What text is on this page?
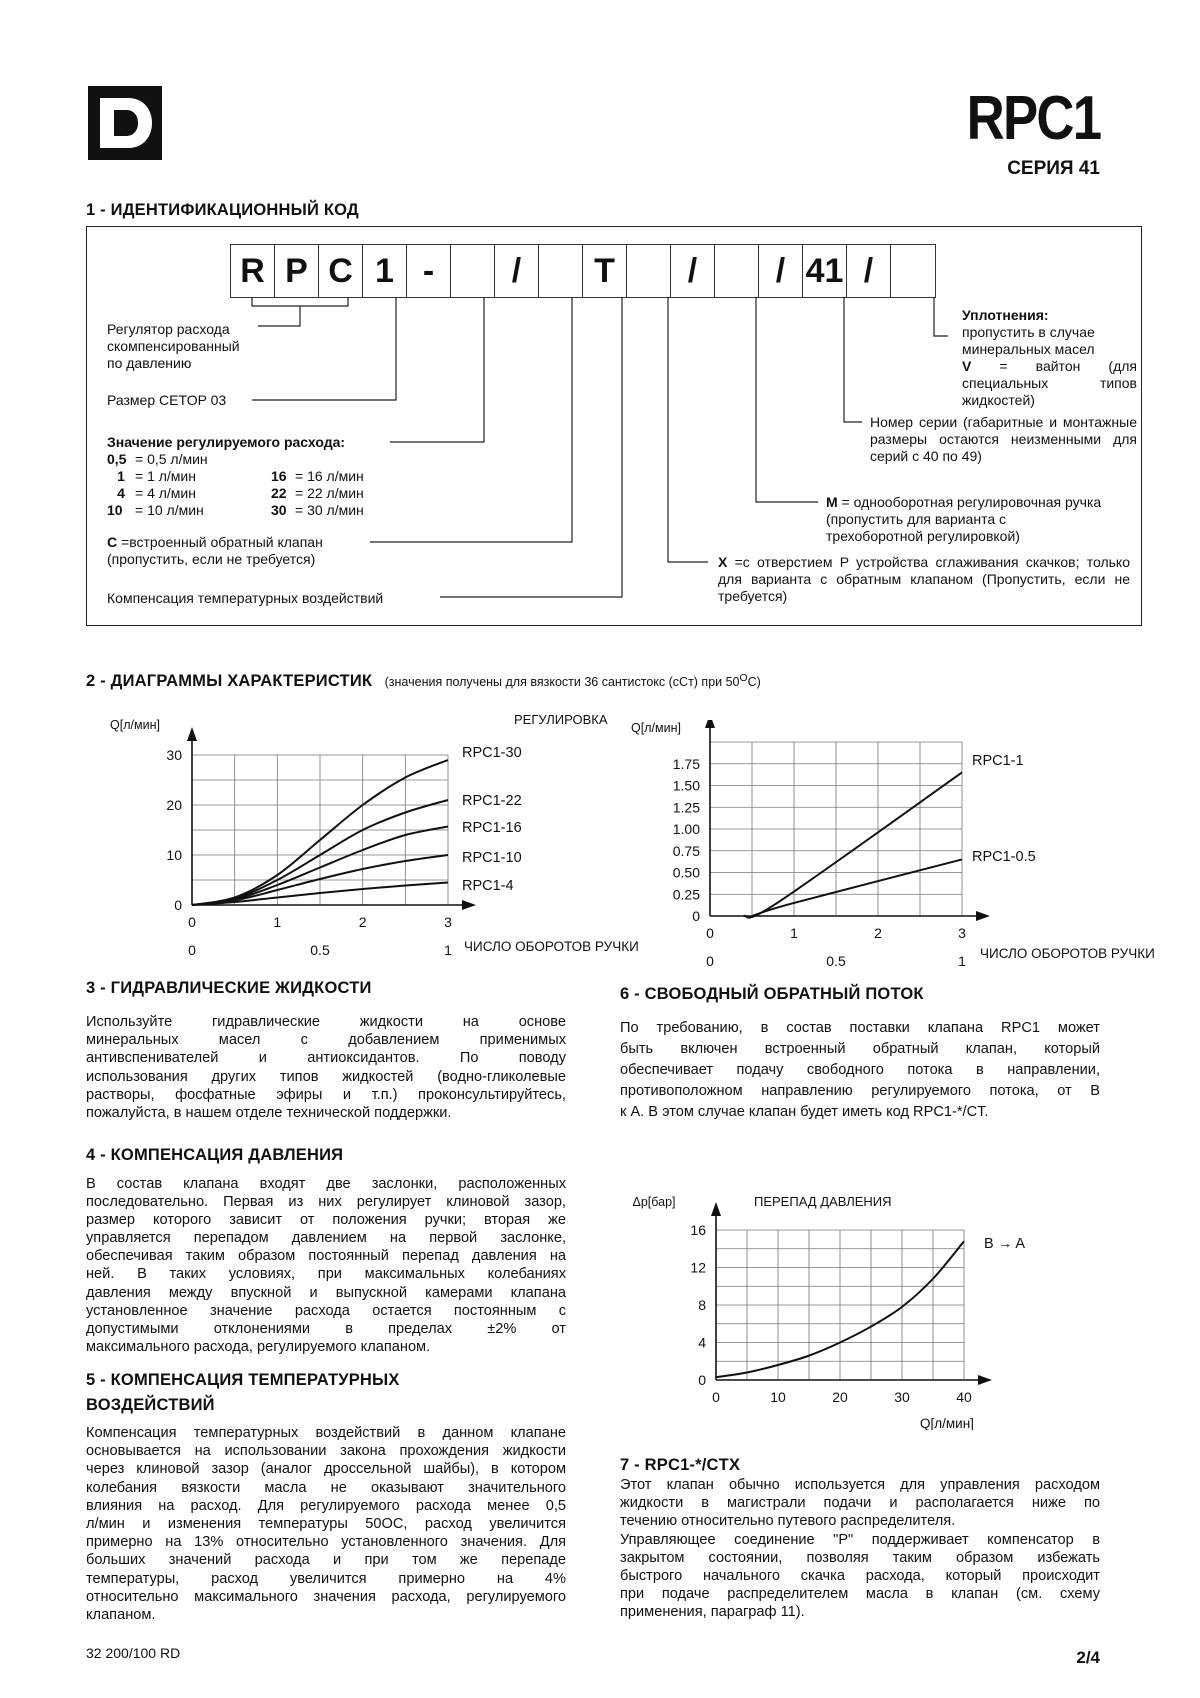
RPC1
СЕРИЯ 41
1 - ИДЕНТИФИКАЦИОННЫЙ КОД
R P C 1 -	/	T	/	/ 41 /
Регулятор расхода
скомпенсированный
по давлению
Размер CETOP 03
Значение регулируемого расхода:
0,5 = 0,5 л/мин
1 = 1 л/мин	16 = 16 л/мин
4 = 4 л/мин	22 = 22 л/мин
10 = 10 л/мин	30 = 30 л/мин
C =встроенный обратный клапан
(пропустить, если не требуется)
Компенсация температурных воздействий
Уплотнения:
пропустить в случае
минеральных масел
V = вайтон (для специальных типов жидкостей)
Номер серии (габаритные и монтажные размеры остаются неизменными для серий с 40 по 49)
M = однооборотная регулировочная ручка
(пропустить для варианта с трехоборотной регулировкой)
X =с отверстием P устройства сглаживания скачков; только для варианта с обратным клапаном (Пропустить, если не требуется)
2 - ДИАГРАММЫ ХАРАКТЕРИСТИК (значения получены для вязкости 36 сантистокс (сСт) при $50^ОС$)
0
10
20
30
0	1	2	3
0	0.5	1
Q[л/мин]
ЧИСЛО ОБОРОТОВ РУЧКИ
РЕГУЛИРОВКА
RPC1-30
RPC1-22
RPC1-16
RPC1-10
RPC1-4
0
0.25
0.50
0.75
1.00
1.25
1.50
1.75
0	1	2	3
0	0.5	1
Q[л/мин]
ЧИСЛО ОБОРОТОВ РУЧКИ
RPC1-1
RPC1-0.5
3 - ГИДРАВЛИЧЕСКИЕ ЖИДКОСТИ
Используйте гидравлические жидкости на основе
минеральных масел с добавлением применимых
антивспенивателей и антиоксидантов. По поводу
использования других типов жидкостей (водно-гликолевые
растворы, фосфатные эфиры и т.п.) проконсультируйтесь,
пожалуйста, в нашем отделе технической поддержки.
4 - КОМПЕНСАЦИЯ ДАВЛЕНИЯ
В состав клапана входят две заслонки, расположенных
последовательно. Первая из них регулирует клиновой зазор,
размер которого зависит от положения ручки; вторая же
управляется перепадом давлением на первой заслонке,
обеспечивая таким образом постоянный перепад давления на
ней. В таких условиях, при максимальных колебаниях
давления между впускной и выпускной камерами клапана
установленное значение расхода остается постоянным с
допустимыми отклонениями в пределах ±2% от
максимального расхода, регулируемого клапаном.
5 - КОМПЕНСАЦИЯ ТЕМПЕРАТУРНЫХ
ВОЗДЕЙСТВИЙ
Компенсация температурных воздействий в данном клапане
основывается на использовании закона прохождения жидкости
через клиновой зазор (аналог дроссельной шайбы), в котором
колебания вязкости масла не оказывают значительного
влияния на расход. Для регулируемого расхода менее 0,5
л/мин и изменения температуры 50ОС, расход увеличится
примерно на 13% относительно установленного значения. Для
больших значений расхода и при том же перепаде
температуры, расход увеличится примерно на 4%
относительно максимального значения расхода, регулируемого
клапаном.
6 - СВОБОДНЫЙ ОБРАТНЫЙ ПОТОК
По требованию, в состав поставки клапана RPC1 может
быть включен встроенный обратный клапан, который
обеспечивает подачу свободного потока в направлении,
противоположном направлению регулируемого потока, от B
к A. В этом случае клапан будет иметь код RPC1-*/CT.
0
4
8
12
16
0	10	20	30	40
Δp[бар]
Q[л/мин]
ПЕРЕПАД ДАВЛЕНИЯ
B → A
7 - RPC1-*/CTX
Этот клапан обычно используется для управления расходом
жидкости в магистрали подачи и располагается ниже по
течению относительно путевого распределителя.
Управляющее соединение "P" поддерживает компенсатор в
закрытом состоянии, позволяя таким образом избежать
быстрого начального скачка расхода, который происходит
при подаче распределителем масла в клапан (см. схему
применения, параграф 11).
32 200/100 RD	2/4
